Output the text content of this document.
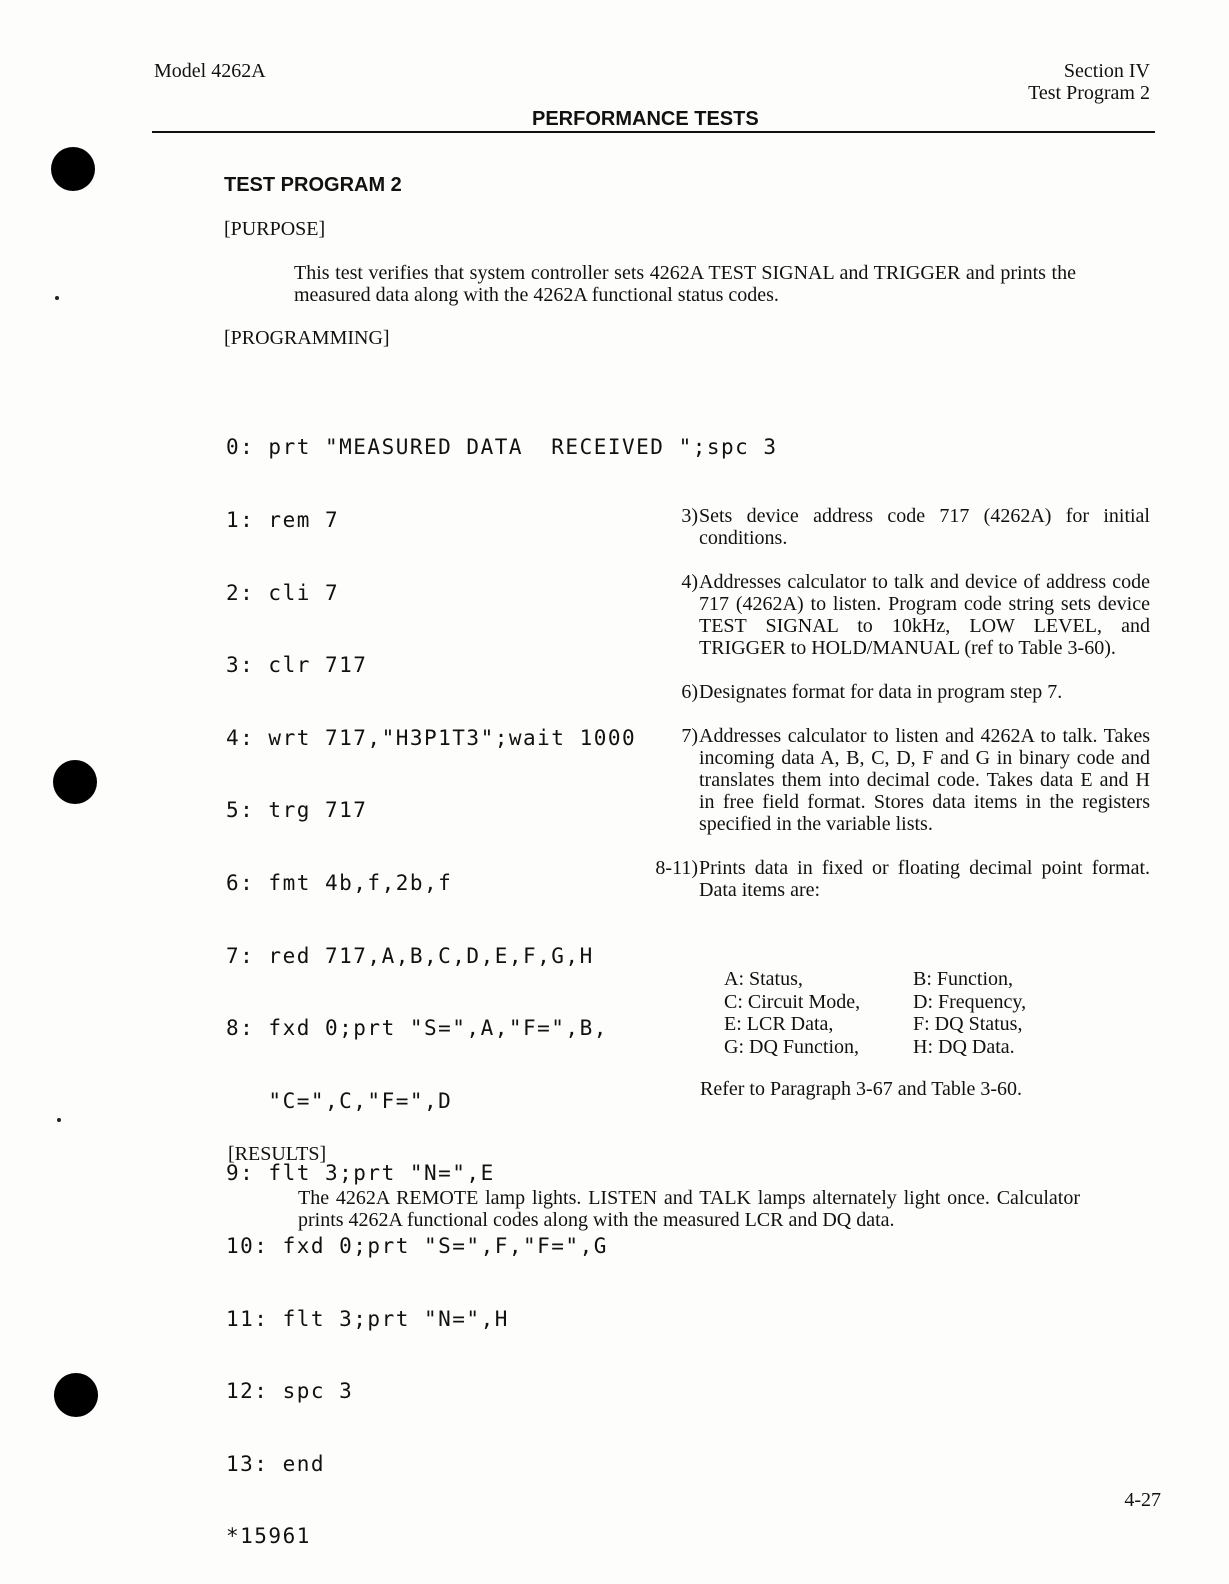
Model 4262A	Section IV
Test Program 2
PERFORMANCE TESTS
TEST PROGRAM 2
[PURPOSE]
This test verifies that system controller sets 4262A TEST SIGNAL and TRIGGER and prints the measured data along with the 4262A functional status codes.
[PROGRAMMING]

0: prt "MEASURED DATA  RECEIVED ";spc 3

1: rem 7

2: cli 7

3: clr 717

4: wrt 717,"H3P1T3";wait 1000

5: trg 717

6: fmt 4b,f,2b,f

7: red 717,A,B,C,D,E,F,G,H

8: fxd 0;prt "S=",A,"F=",B,

"C=",C,"F=",D

9: flt 3;prt "N=",E

10: fxd 0;prt "S=",F,"F=",G

11: flt 3;prt "N=",H

12: spc 3

13: end

*15961

3) Sets device address code 717 (4262A) for initial conditions.
4) Addresses calculator to talk and device of address code 717 (4262A) to listen. Program code string sets device TEST SIGNAL to 10kHz, LOW LEVEL, and TRIGGER to HOLD/MANUAL (ref to Table 3-60).
6) Designates format for data in program step 7.
7) Addresses calculator to listen and 4262A to talk. Takes incoming data A, B, C, D, F and G in binary code and translates them into decimal code. Takes data E and H in free field format. Stores data items in the registers specified in the variable lists.
8-11) Prints data in fixed or floating decimal point format. Data items are:
A: Status,	B: Function,
C: Circuit Mode,	D: Frequency,
E: LCR Data,	F: DQ Status,
G: DQ Function,	H: DQ Data.
Refer to Paragraph 3-67 and Table 3-60.
[RESULTS]
The 4262A REMOTE lamp lights. LISTEN and TALK lamps alternately light once. Calculator prints 4262A functional codes along with the measured LCR and DQ data.
4-27
